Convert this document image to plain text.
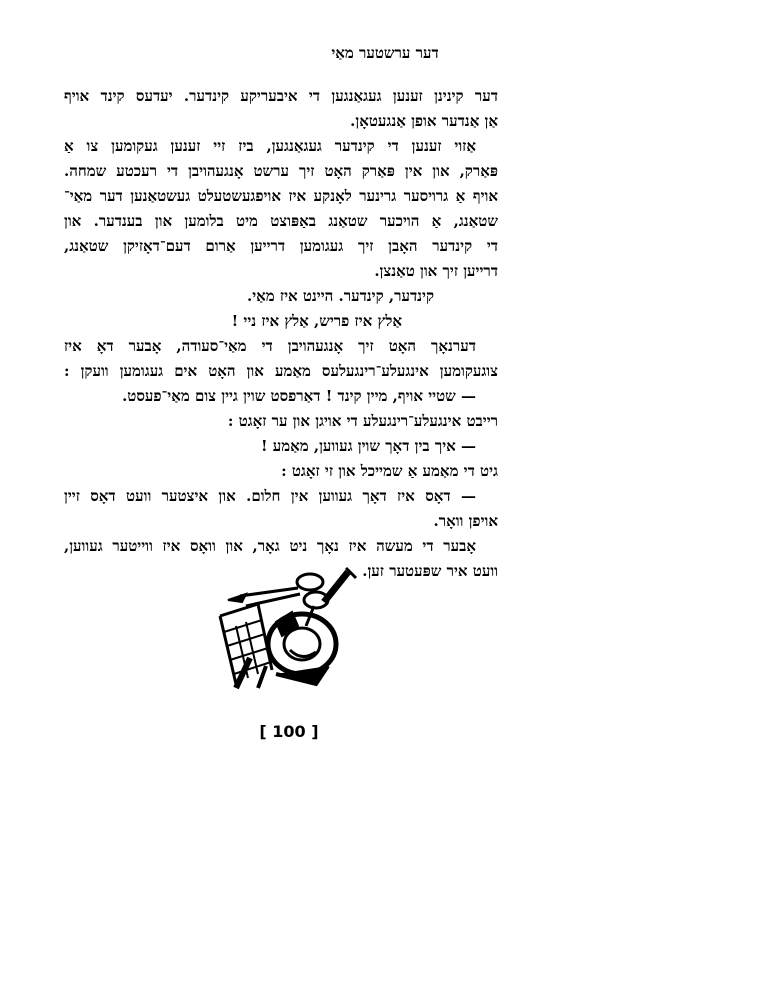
דער ערשטער מאַי
דער קינינן זענען געגאַנגען די איבעריקע קינדער. יעדעס קינד אויף
אַן אַנדער אופן אַנגעטאָן.
אַזוי זענען די קינדער געגאַנגען, ביז זיי זענען געקומען צו אַ
פּאַרק, און אין פּאַרק האָט זיך ערשט אָנגעהויבן די רעכטע שמחה.
אויף אַ גרויסער גרינער לאָנקע איז אויפגעשטעלט געשטאַנען דער מאַי־
שטאַנג, אַ הויכער שטאַנג באַפּוצט מיט בלומען און בענדער. און
די קינדער האָבן זיך געגומען דרייען אַרום דעם־דאָזיקן שטאַנג,
דרייען זיך און טאַנצן.
קינדער, קינדער. היינט איז מאַי.
אַלץ איז פריש, אַלץ איז ניי !
דערנאָך האָט זיך אָנגעהויבן די מאַי־סעודה, אָבער דאָ איז
צוגעקומען אינגעלע־רינגעלעס מאַמע און האָט אים געגומען וועקן :
— שטיי אויף, מיין קינד ! דאַרפסט שוין גיין צום מאַי־פעסט.
רייבט אינגעלע־רינגעלע די אויגן און ער זאָגט :
— איך בין דאָך שוין געווען, מאַמע !
גיט די מאַמע אַ שמייכל און זי זאָגט :
— דאָס איז דאָך געווען אין חלום. און איצטער וועט דאָס זיין
אויפן וואָר.
אָבער די מעשה איז נאָך ניט גאָר, און וואָס איז ווייטער געווען,
וועט איר שפּעטער זען.
[ 100 ]
